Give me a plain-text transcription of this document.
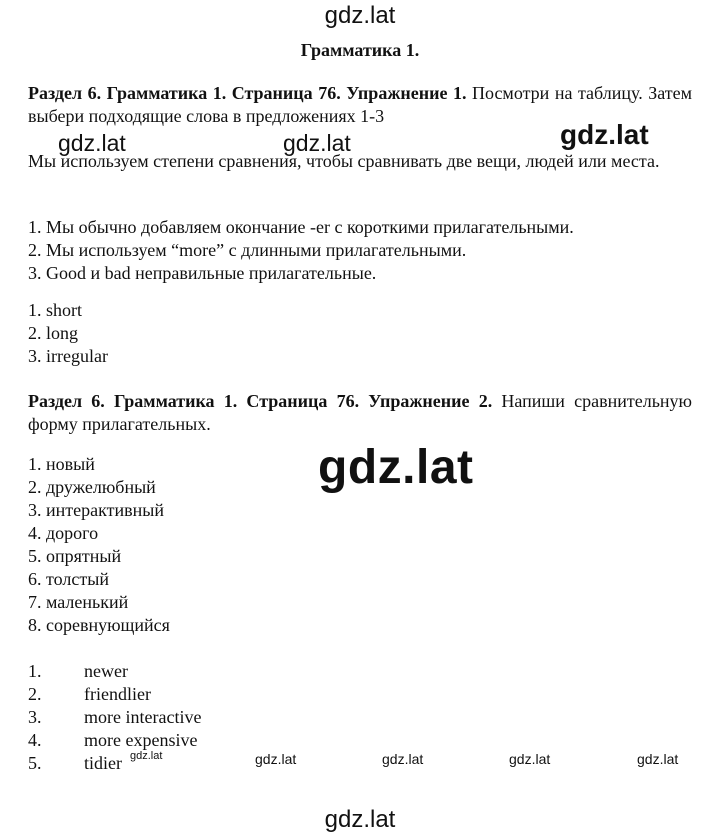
gdz.lat
Грамматика 1.

Раздел 6. Грамматика 1. Страница 76. Упражнение 1. Посмотри на таблицу. Затем выбери подходящие слова в предложениях 1-3

gdz.lat	gdz.lat	gdz.lat

Мы используем степени сравнения, чтобы сравнивать две вещи, людей или места.

1. Мы обычно добавляем окончание -er с короткими прилагательными.
2. Мы используем “more” с длинными прилагательными.
3. Good и bad неправильные прилагательные.
1. short
2. long
3. irregular

Раздел 6. Грамматика 1. Страница 76. Упражнение 2. Напиши сравнительную форму прилагательных.

1. новый
2. дружелюбный
3. интерактивный
4. дорого
5. опрятный
6. толстый
7. маленький
8. соревнующийся
gdz.lat
1. newer
2. friendlier
3. more interactive
4. more expensive
5. tidier gdz.lat	gdz.lat	gdz.lat	gdz.lat	gdz.lat
gdz.lat
